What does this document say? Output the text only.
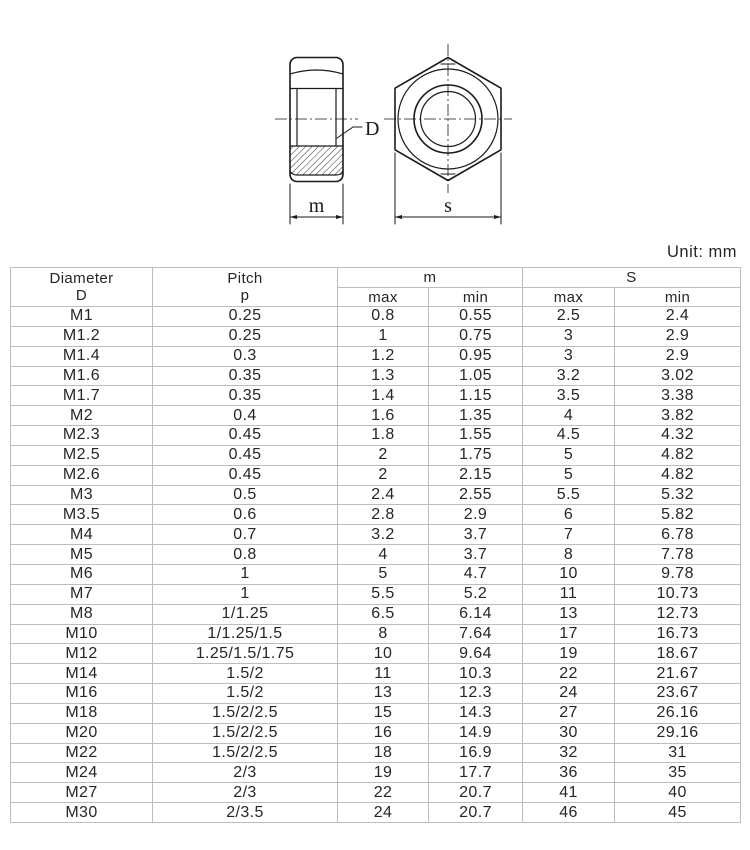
D
m	s
Unit: mm
Diameter
D
Pitch
p
m	S
max	min	max	min
M1	0.25	0.8	0.55	2.5	2.4
M1.2	0.25	1	0.75	3	2.9
M1.4	0.3	1.2	0.95	3	2.9
M1.6	0.35	1.3	1.05	3.2	3.02
M1.7	0.35	1.4	1.15	3.5	3.38
M2	0.4	1.6	1.35	4	3.82
M2.3	0.45	1.8	1.55	4.5	4.32
M2.5	0.45	2	1.75	5	4.82
M2.6	0.45	2	2.15	5	4.82
M3	0.5	2.4	2.55	5.5	5.32
M3.5	0.6	2.8	2.9	6	5.82
M4	0.7	3.2	3.7	7	6.78
M5	0.8	4	3.7	8	7.78
M6	1	5	4.7	10	9.78
M7	1	5.5	5.2	11	10.73
M8	1/1.25	6.5	6.14	13	12.73
M10	1/1.25/1.5	8	7.64	17	16.73
M12	1.25/1.5/1.75	10	9.64	19	18.67
M14	1.5/2	11	10.3	22	21.67
M16	1.5/2	13	12.3	24	23.67
M18	1.5/2/2.5	15	14.3	27	26.16
M20	1.5/2/2.5	16	14.9	30	29.16
M22	1.5/2/2.5	18	16.9	32	31
M24	2/3	19	17.7	36	35
M27	2/3	22	20.7	41	40
M30	2/3.5	24	20.7	46	45
